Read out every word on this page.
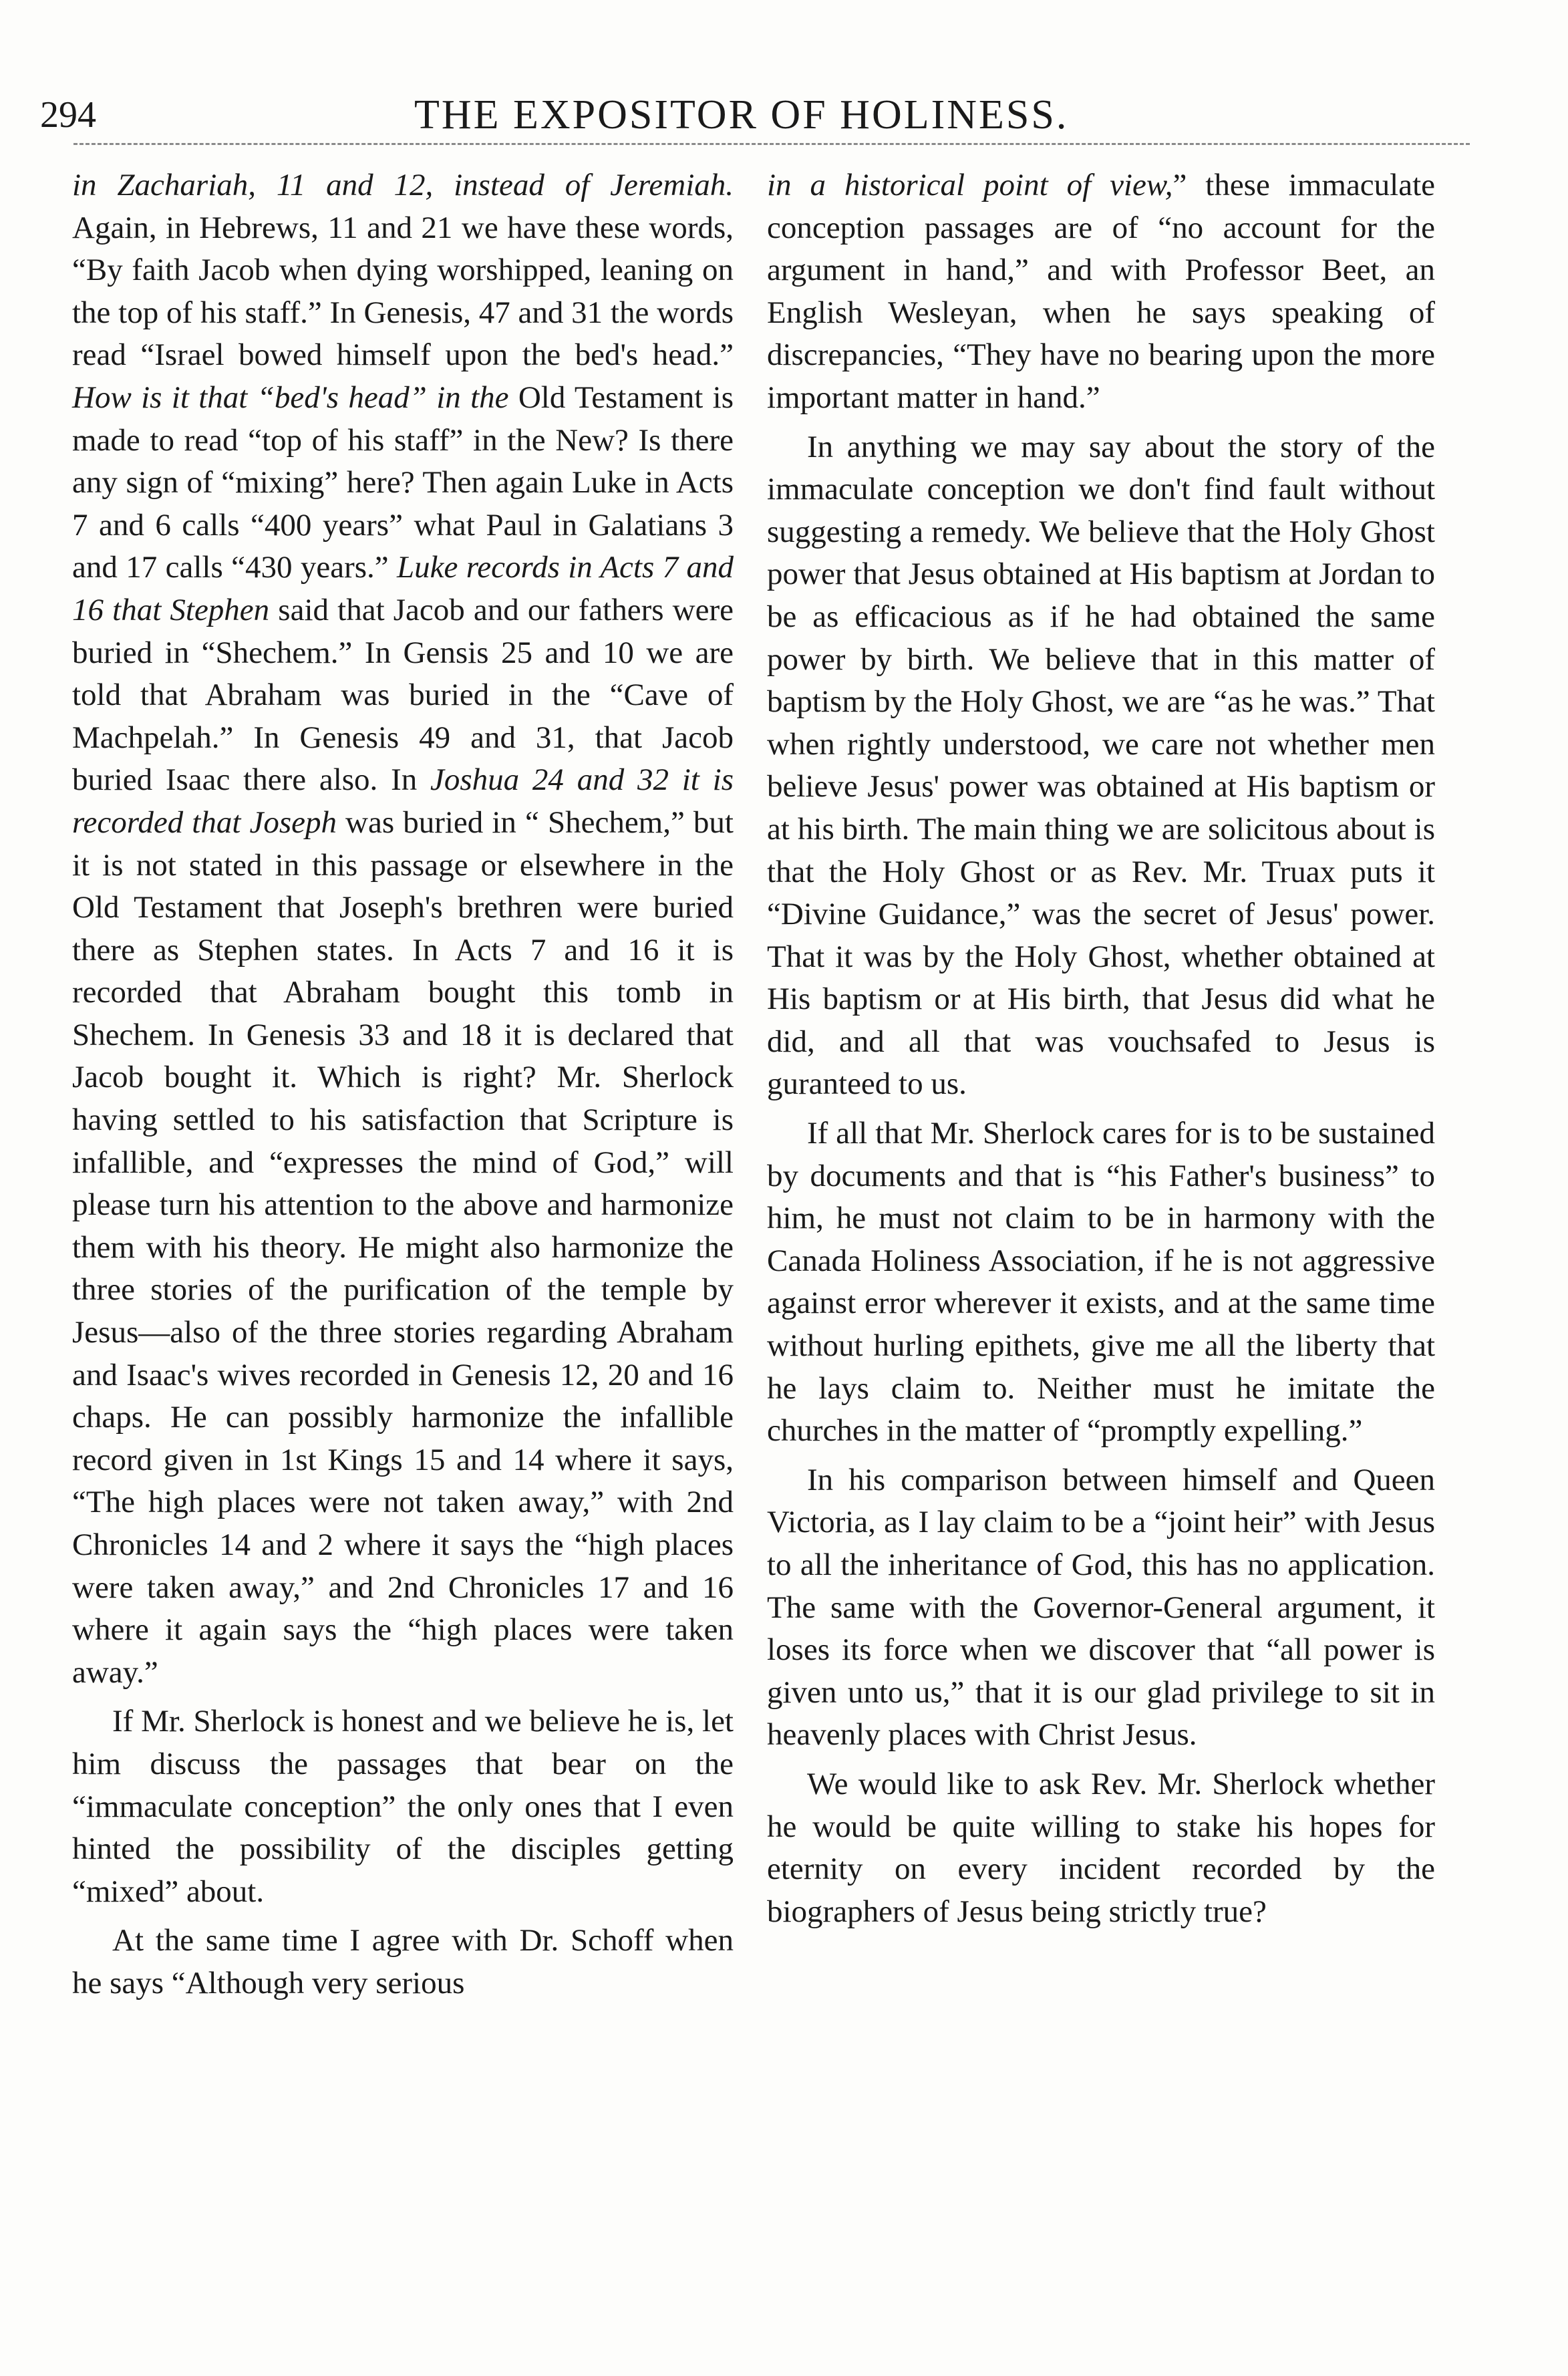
294	THE EXPOSITOR OF HOLINESS.

in Zachariah, 11 and 12, instead of Jeremiah. Again, in Hebrews, 11 and 21 we have these words, “By faith Jacob when dying worshipped, leaning on the top of his staff.” In Genesis, 47 and 31 the words read “Israel bowed himself upon the bed's head.” How is it that “bed's head” in the Old Testament is made to read “top of his staff” in the New? Is there any sign of “mixing” here? Then again Luke in Acts 7 and 6 calls “400 years” what Paul in Galatians 3 and 17 calls “430 years.” Luke records in Acts 7 and 16 that Stephen said that Jacob and our fathers were buried in “Shechem.” In Gensis 25 and 10 we are told that Abraham was buried in the “Cave of Machpelah.” In Genesis 49 and 31, that Jacob buried Isaac there also. In Joshua 24 and 32 it is recorded that Joseph was buried in “ Shechem,” but it is not stated in this passage or elsewhere in the Old Testament that Joseph's brethren were buried there as Stephen states. In Acts 7 and 16 it is recorded that Abraham bought this tomb in Shechem. In Genesis 33 and 18 it is declared that Jacob bought it. Which is right? Mr. Sherlock having settled to his satisfaction that Scripture is infallible, and “expresses the mind of God,” will please turn his attention to the above and harmonize them with his theory. He might also harmonize the three stories of the purification of the temple by Jesus—also of the three stories regarding Abraham and Isaac's wives recorded in Genesis 12, 20 and 16 chaps. He can possibly harmonize the infallible record given in 1st Kings 15 and 14 where it says, “The high places were not taken away,” with 2nd Chronicles 14 and 2 where it says the “high places were taken away,” and 2nd Chronicles 17 and 16 where it again says the “high places were taken away.”

If Mr. Sherlock is honest and we believe he is, let him discuss the passages that bear on the “immaculate conception” the only ones that I even hinted the possibility of the disciples getting “mixed” about.

At the same time I agree with Dr. Schoff when he says “Although very serious

in a historical point of view,” these immaculate conception passages are of “no account for the argument in hand,” and with Professor Beet, an English Wesleyan, when he says speaking of discrepancies, “They have no bearing upon the more important matter in hand.”

In anything we may say about the story of the immaculate conception we don't find fault without suggesting a remedy. We believe that the Holy Ghost power that Jesus obtained at His baptism at Jordan to be as efficacious as if he had obtained the same power by birth. We believe that in this matter of baptism by the Holy Ghost, we are “as he was.” That when rightly understood, we care not whether men believe Jesus' power was obtained at His baptism or at his birth. The main thing we are solicitous about is that the Holy Ghost or as Rev. Mr. Truax puts it “Divine Guidance,” was the secret of Jesus' power. That it was by the Holy Ghost, whether obtained at His baptism or at His birth, that Jesus did what he did, and all that was vouchsafed to Jesus is guranteed to us.

If all that Mr. Sherlock cares for is to be sustained by documents and that is “his Father's business” to him, he must not claim to be in harmony with the Canada Holiness Association, if he is not aggressive against error wherever it exists, and at the same time without hurling epithets, give me all the liberty that he lays claim to. Neither must he imitate the churches in the matter of “promptly expelling.”

In his comparison between himself and Queen Victoria, as I lay claim to be a “joint heir” with Jesus to all the inheritance of God, this has no application. The same with the Governor-General argument, it loses its force when we discover that “all power is given unto us,” that it is our glad privilege to sit in heavenly places with Christ Jesus.

We would like to ask Rev. Mr. Sherlock whether he would be quite willing to stake his hopes for eternity on every incident recorded by the biographers of Jesus being strictly true?
